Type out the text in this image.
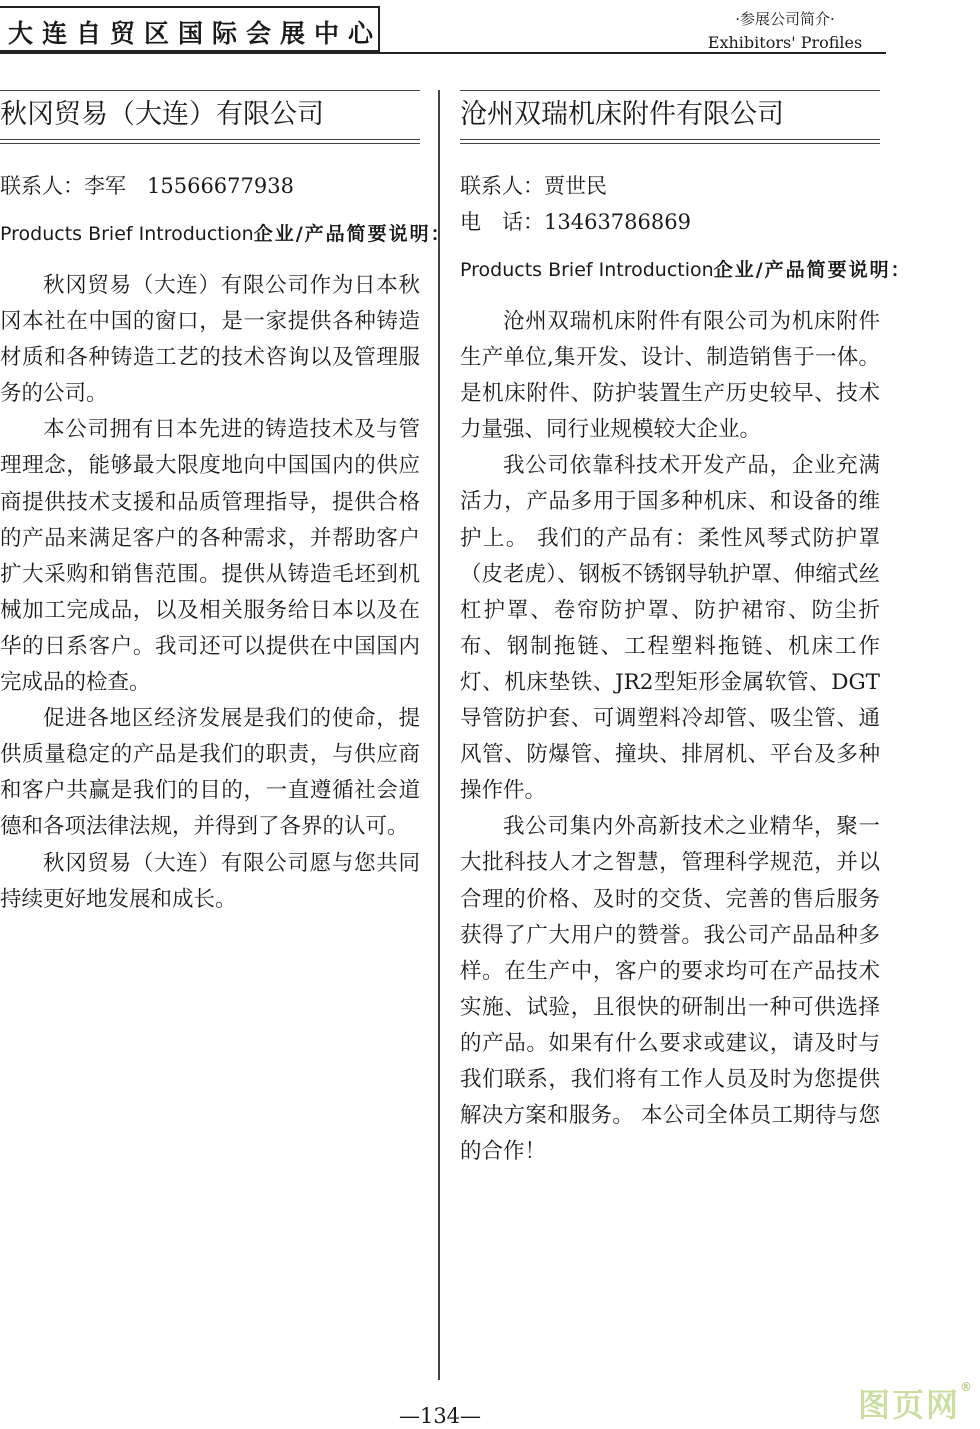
大连自贸区国际会展中心	·参展公司简介·
Exhibitors' Profiles
秋冈贸易（大连）有限公司

联系人：李军　15566677938

Products Brief Introduction企业/产品简要说明：

秋冈贸易（大连）有限公司作为日本秋冈本社在中国的窗口，是一家提供各种铸造材质和各种铸造工艺的技术咨询以及管理服务的公司。

本公司拥有日本先进的铸造技术及与管理理念，能够最大限度地向中国国内的供应商提供技术支援和品质管理指导，提供合格的产品来满足客户的各种需求，并帮助客户扩大采购和销售范围。提供从铸造毛坯到机械加工完成品，以及相关服务给日本以及在华的日系客户。我司还可以提供在中国国内完成品的检查。

促进各地区经济发展是我们的使命，提供质量稳定的产品是我们的职责，与供应商和客户共赢是我们的目的，一直遵循社会道德和各项法律法规，并得到了各界的认可。

秋冈贸易（大连）有限公司愿与您共同持续更好地发展和成长。

沧州双瑞机床附件有限公司

联系人：贾世民

电　话：13463786869

Products Brief Introduction企业/产品简要说明：

沧州双瑞机床附件有限公司为机床附件生产单位,集开发、设计、制造销售于一体。是机床附件、防护装置生产历史较早、技术力量强、同行业规模较大企业。

我公司依靠科技术开发产品，企业充满活力，产品多用于国多种机床、和设备的维护上。 我们的产品有：柔性风琴式防护罩（皮老虎）、钢板不锈钢导轨护罩、伸缩式丝杠护罩、卷帘防护罩、防护裙帘、防尘折布、钢制拖链、工程塑料拖链、机床工作灯、机床垫铁、JR2型矩形金属软管、DGT导管防护套、可调塑料冷却管、吸尘管、通风管、防爆管、撞块、排屑机、平台及多种操作件。

我公司集内外高新技术之业精华，聚一大批科技人才之智慧，管理科学规范，并以合理的价格、及时的交货、完善的售后服务获得了广大用户的赞誉。我公司产品品种多样。在生产中，客户的要求均可在产品技术实施、试验，且很快的研制出一种可供选择的产品。如果有什么要求或建议，请及时与我们联系，我们将有工作人员及时为您提供解决方案和服务。 本公司全体员工期待与您的合作！

—134—	图页网®
